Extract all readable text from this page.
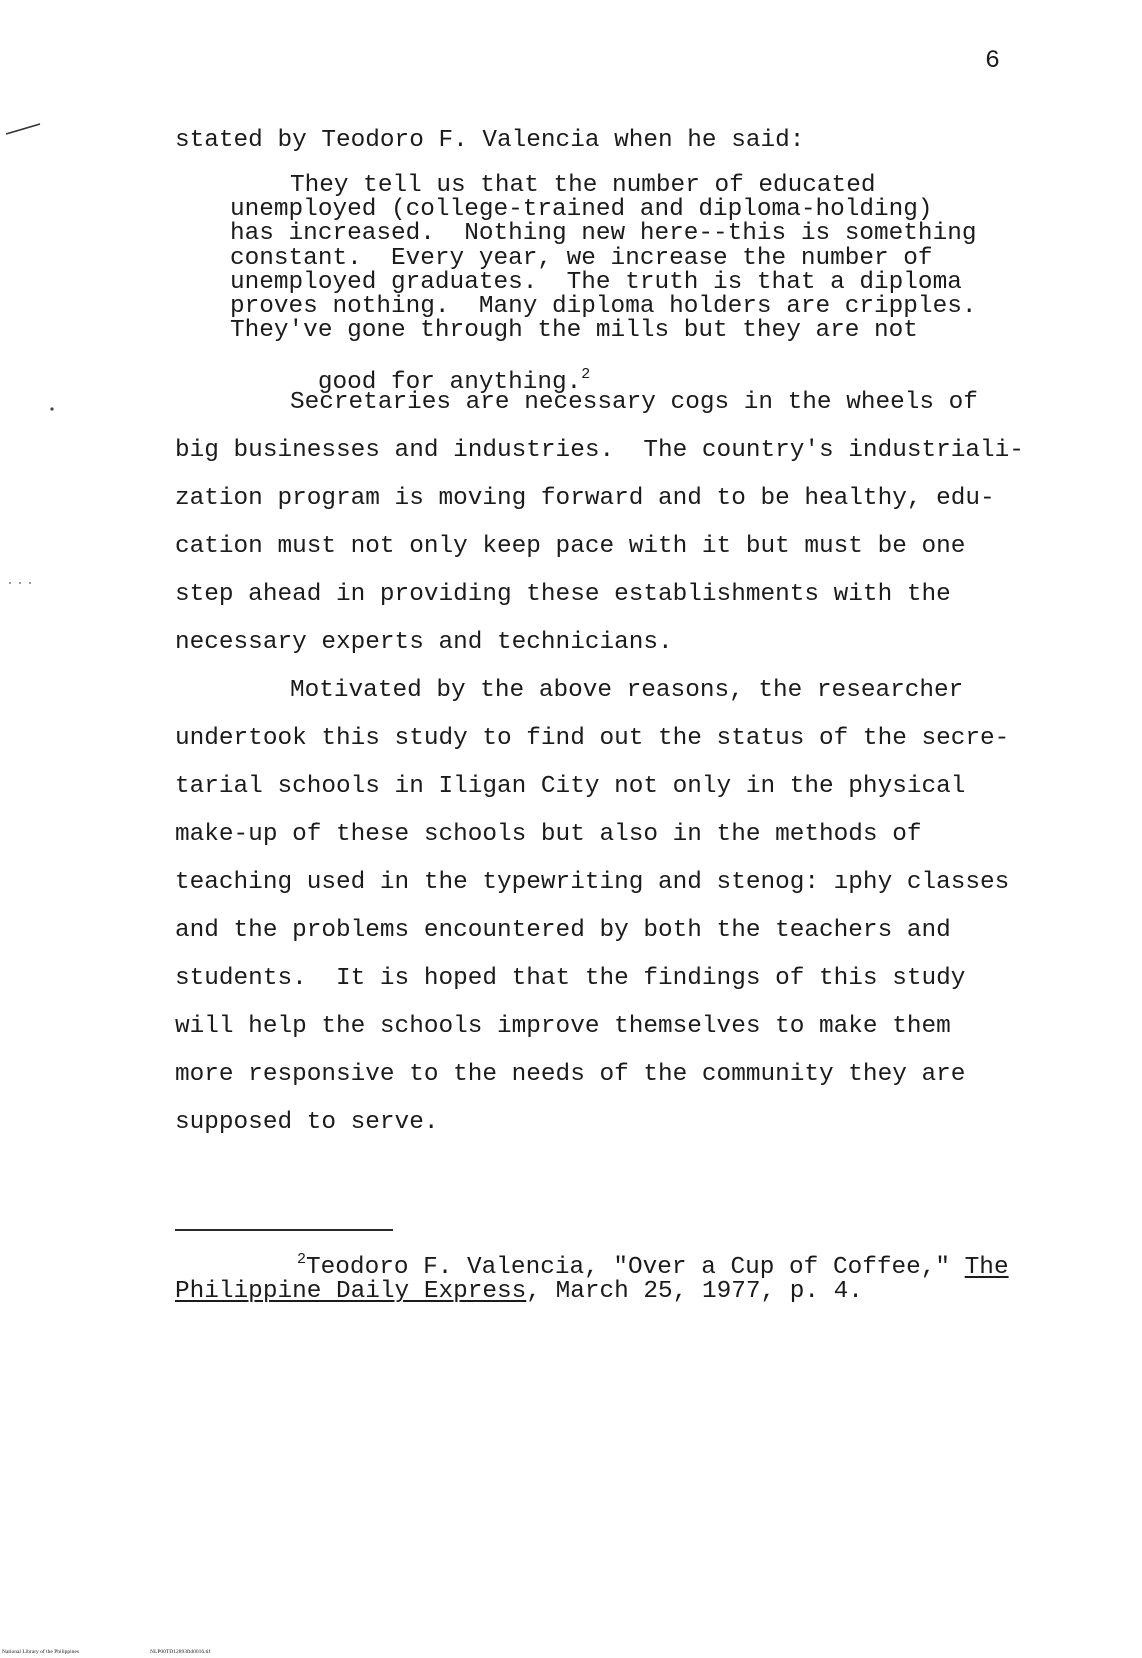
6
stated by Teodoro F. Valencia when he said:
They tell us that the number of educated
unemployed (college-trained and diploma-holding)
has increased.  Nothing new here--this is something
constant.  Every year, we increase the number of
unemployed graduates.  The truth is that a diploma
proves nothing.  Many diploma holders are cripples.
They've gone through the mills but they are not

good for anything.$^2$

Secretaries are necessary cogs in the wheels of
big businesses and industries.  The country's industriali-
zation program is moving forward and to be healthy, edu-
cation must not only keep pace with it but must be one
step ahead in providing these establishments with the
necessary experts and technicians.
Motivated by the above reasons, the researcher
undertook this study to find out the status of the secre-
tarial schools in Iligan City not only in the physical
make-up of these schools but also in the methods of
teaching used in the typewriting and stenog: ıphy classes
and the problems encountered by both the teachers and
students.  It is hoped that the findings of this study
will help the schools improve themselves to make them
more responsive to the needs of the community they are
supposed to serve.
$^2$Teodoro F. Valencia, "Over a Cup of Coffee," The
Philippine Daily Express, March 25, 1977, p. 4.
National Library of the Philippines	NLP00TD12893ftd0016.tif
